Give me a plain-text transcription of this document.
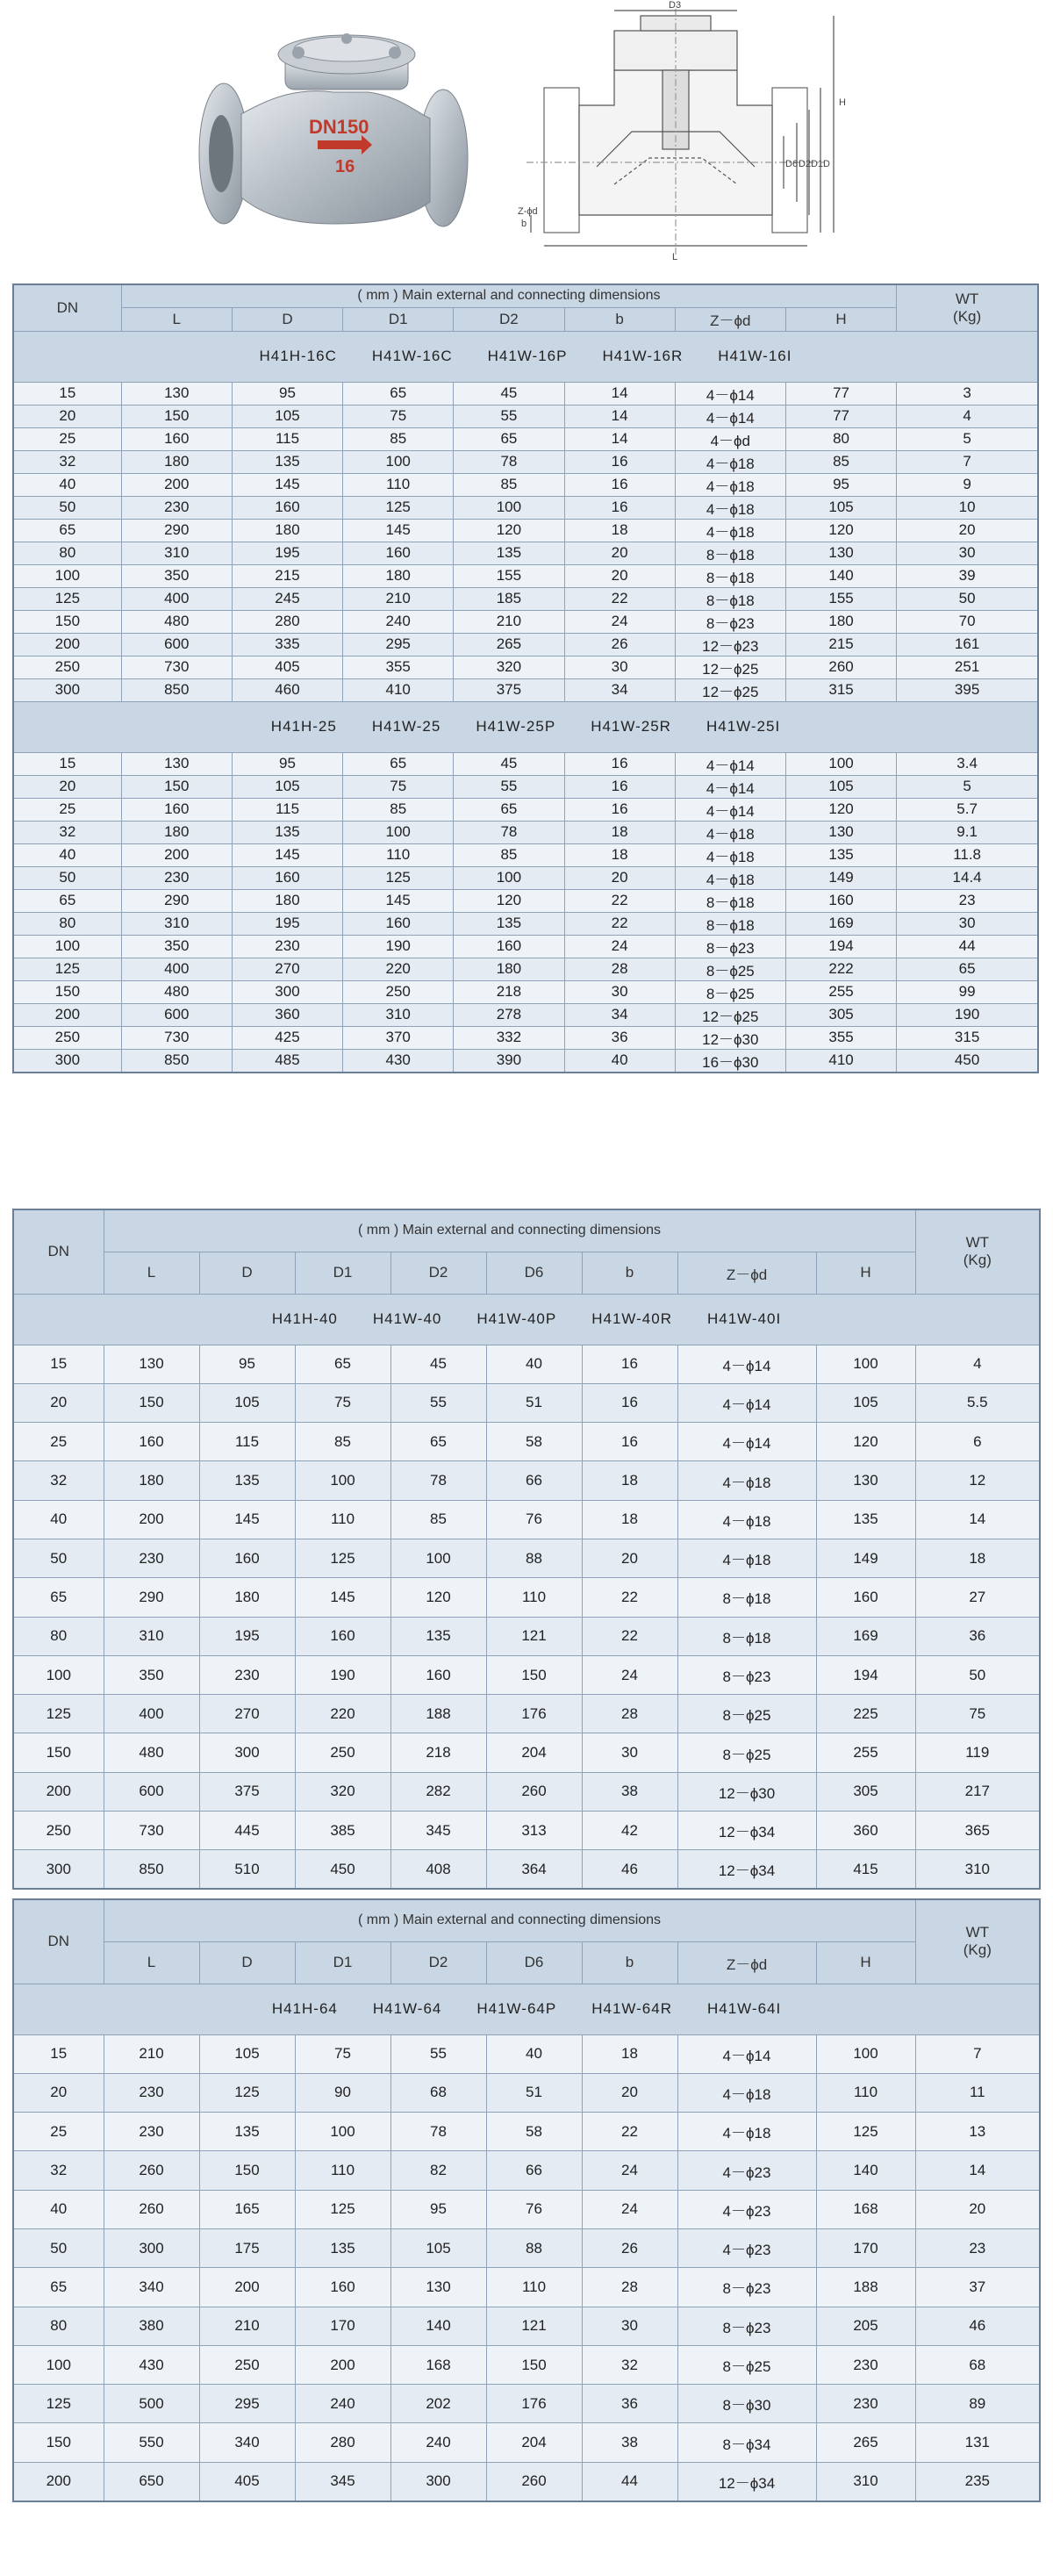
DN150
16
D3
H
D
D1
D2
D6
b
Z-ϕd
L
DN	( mm ) Main external and connecting dimensions							WT
(Kg)
	L	D	D1	D2	b	Z－ϕd	H	
H41H-16C H41W-16C H41W-16P H41W-16R H41W-16I								
15	130	95	65	45	14	4－ϕ14	77	3
20	150	105	75	55	14	4－ϕ14	77	4
25	160	115	85	65	14	4－ϕd	80	5
32	180	135	100	78	16	4－ϕ18	85	7
40	200	145	110	85	16	4－ϕ18	95	9
50	230	160	125	100	16	4－ϕ18	105	10
65	290	180	145	120	18	4－ϕ18	120	20
80	310	195	160	135	20	8－ϕ18	130	30
100	350	215	180	155	20	8－ϕ18	140	39
125	400	245	210	185	22	8－ϕ18	155	50
150	480	280	240	210	24	8－ϕ23	180	70
200	600	335	295	265	26	12－ϕ23	215	161
250	730	405	355	320	30	12－ϕ25	260	251
300	850	460	410	375	34	12－ϕ25	315	395
H41H-25 H41W-25 H41W-25P H41W-25R H41W-25I								
15	130	95	65	45	16	4－ϕ14	100	3.4
20	150	105	75	55	16	4－ϕ14	105	5
25	160	115	85	65	16	4－ϕ14	120	5.7
32	180	135	100	78	18	4－ϕ18	130	9.1
40	200	145	110	85	18	4－ϕ18	135	11.8
50	230	160	125	100	20	4－ϕ18	149	14.4
65	290	180	145	120	22	8－ϕ18	160	23
80	310	195	160	135	22	8－ϕ18	169	30
100	350	230	190	160	24	8－ϕ23	194	44
125	400	270	220	180	28	8－ϕ25	222	65
150	480	300	250	218	30	8－ϕ25	255	99
200	600	360	310	278	34	12－ϕ25	305	190
250	730	425	370	332	36	12－ϕ30	355	315
300	850	485	430	390	40	16－ϕ30	410	450
DN	( mm ) Main external and connecting dimensions								WT
(Kg)
	L	D	D1	D2	D6	b	Z－ϕd	H	
H41H-40 H41W-40 H41W-40P H41W-40R H41W-40I									
15	130	95	65	45	40	16	4－ϕ14	100	4
20	150	105	75	55	51	16	4－ϕ14	105	5.5
25	160	115	85	65	58	16	4－ϕ14	120	6
32	180	135	100	78	66	18	4－ϕ18	130	12
40	200	145	110	85	76	18	4－ϕ18	135	14
50	230	160	125	100	88	20	4－ϕ18	149	18
65	290	180	145	120	110	22	8－ϕ18	160	27
80	310	195	160	135	121	22	8－ϕ18	169	36
100	350	230	190	160	150	24	8－ϕ23	194	50
125	400	270	220	188	176	28	8－ϕ25	225	75
150	480	300	250	218	204	30	8－ϕ25	255	119
200	600	375	320	282	260	38	12－ϕ30	305	217
250	730	445	385	345	313	42	12－ϕ34	360	365
300	850	510	450	408	364	46	12－ϕ34	415	310
DN	( mm ) Main external and connecting dimensions								WT
(Kg)
	L	D	D1	D2	D6	b	Z－ϕd	H	
H41H-64 H41W-64 H41W-64P H41W-64R H41W-64I									
15	210	105	75	55	40	18	4－ϕ14	100	7
20	230	125	90	68	51	20	4－ϕ18	110	11
25	230	135	100	78	58	22	4－ϕ18	125	13
32	260	150	110	82	66	24	4－ϕ23	140	14
40	260	165	125	95	76	24	4－ϕ23	168	20
50	300	175	135	105	88	26	4－ϕ23	170	23
65	340	200	160	130	110	28	8－ϕ23	188	37
80	380	210	170	140	121	30	8－ϕ23	205	46
100	430	250	200	168	150	32	8－ϕ25	230	68
125	500	295	240	202	176	36	8－ϕ30	230	89
150	550	340	280	240	204	38	8－ϕ34	265	131
200	650	405	345	300	260	44	12－ϕ34	310	235
